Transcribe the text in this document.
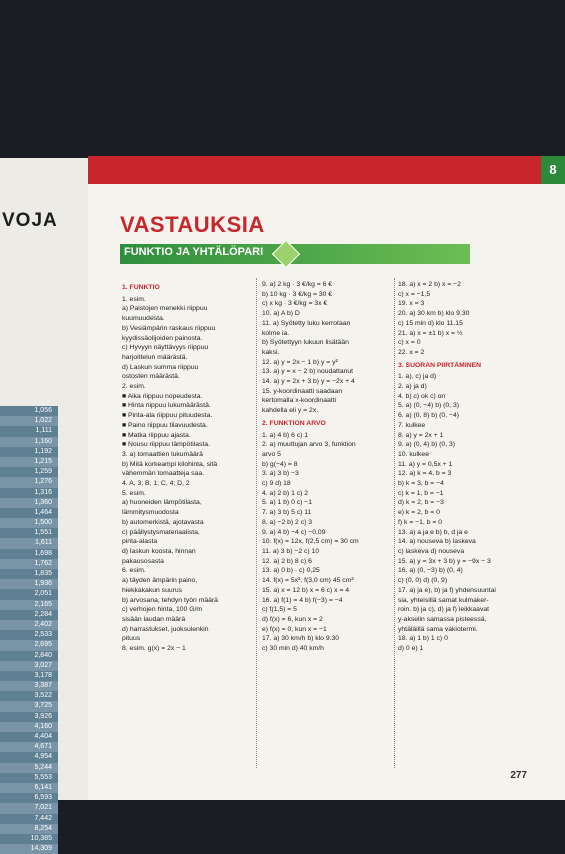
VOJA
1,056
1,022
1,111
1,160
1,192
1,215
1,259
1,276
1,316
1,360
1,464
1,500
1,551
1,611
1,698
1,762
1,835
1,936
2,051
2,165
2,284
2,402
2,533
2,695
2,840
3,027
3,178
3,387
3,522
3,725
3,926
4,160
4,404
4,671
4,954
5,244
5,553
6,141
6,593
7,021
7,442
8,254
10,385
14,309
8
VASTAUKSIA
FUNKTIO JA YHTÄLÖPARI
1. FUNKTIO
1. esim.
a) Paistojen menekki riippuu
kuumuudesta.
b) Vesiämpärin raskaus riippuu
kyydissäolijoiden painosta.
c) Hyvyyn näyttävyys riippuu
harjoittelun määrästä.
d) Laskun summa riippuu
ostosten määrästä.
2. esim.
■ Aika riippuu nopeudesta.
■ Hinta riippuu lukumäärästä.
■ Pinta-ala riippuu pituudesta.
■ Paino riippuu tilavuudesta.
■ Matka riippuu ajasta.
■ Nousu riippuu lämpötilasta.
3. a) tomaattien lukumäärä
b) Mitä korkeampi kilohinta, sitä
vähemmän tomaatteja saa.
4. A, 3; B, 1; C, 4; D, 2
5. esim.
a) huoneiden lämpötilasta,
lämmitysmuodosta
b) automerkistä, ajotavasta
c) päällystysmateriaalista,
pinta-alasta
d) laskun koosta, hinnan
pakausosasta
6. esim.
a) täyden ämpärin paino,
hiekkakakun suurus
b) arvosana, tehdyn työn määrä
c) verhojen hinta, 100 G/m
sisään laudan määrä
d) harrastukset, juoksulenkin
pituus
8. esim. g(x) = 2x − 1
9. a) 2 kg · 3 €/kg = 6 €
b) 10 kg · 3 €/kg = 30 €
c) x kg · 3 €/kg = 3x €
10. a) A b) D
11. a) Syötetty luku kerrotaan
kolme ia.
b) Syötettyyn lukuun lisätään
kaksi.
12. a) y = 2x − 1 b) y = y²
13. a) y = x − 2 b) noudattanut
14. a) y = 2x + 3 b) y = −2x + 4
15. y-koordinaatti saadaan
kertomalla x-koordinaatti
kahdella eli y = 2x.
2. FUNKTION ARVO
1. a) 4 b) 6 c) 1
2. a) muuttujan arvo 3, funktion
arvo 5
b) g(−4) = 8
3. a) 3 b) −3
c) 9 d) 18
4. a) 2 b) 1 c) 2
5. a) 1 b) 0 c) −1
7. a) 3 b) 5 c) 11
8. a) −2 b) 2 c) 3
9. a) 4 b) −4 c) −0,09
10. f(x) = 12x, f(2,5 cm) = 30 cm
11. a) 3 b) −2 c) 10
12. a) 2 b) 8 c) 6
13. a) 0 b) · c) 0,25
14. f(x) = 5x², f(3,0 cm) 45 cm²
15. a) x = 12 b) x = 6 c) x = 4
16. a) f(1) = 4 b) f(−3) = −4
c) f(1,5) = 5
d) f(x) = 6, kun x = 2
e) f(x) = 0, kun x = −1
17. a) 30 km/h b) klo 9.30
c) 30 min d) 40 km/h
18. a) x = 2 b) x = −2
c) x = −1,5
19. x = 3
20. a) 30 km b) klo 9.30
c) 15 min d) klo 11.15
21. a) x = ±1 b) x = ½
c) x = 0
22. x = 2
3. SUORAN PIIRTÄMINEN
1. a), c) ja d)
2. a) ja d)
4. b) c) ok c) on
5. a) (0, −4) b) (0, 3)
6. a) (0, 8) b) (0, −4)
7. kulkee
8. a) y = 2x + 1
9. a) (0, 4) b) (0, 3)
10. kulkee
11. a) y = 0,5x + 1
12. a) k = 4, b = 3
b) k = 3, b = −4
c) k = 1, b = −1
d) k = 2, b = −3
e) k = 2, b = 0
f) k = −1, b = 0
13. a) a ja e b) b, d ja e
14. a) nouseva b) laskeva
c) laskeva d) nouseva
15. a) y = 3x + 3 b) y = −9x − 3
16. a) (0, −3) b) (0, 4)
c) (0, 0) d) (0, 9)
17. a) ja e), b) ja f) yhdensuuntai
sia, yhteisillä samat kulmaker-
roin. b) ja c), d) ja f) leikkaavat
y-akselin samassa pisteessä,
yhtäläillä sama vakiotermi.
18. a) 1 b) 1 c) 0
d) 0 e) 1
277
